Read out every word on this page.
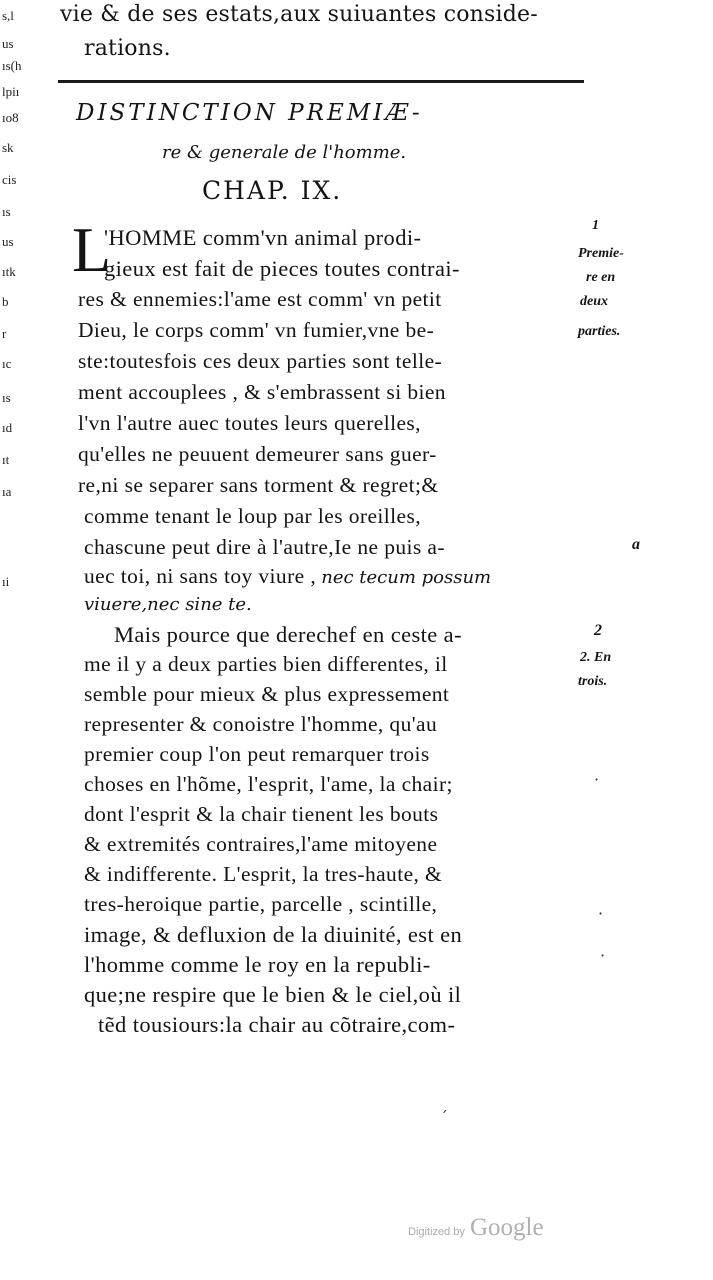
s,l
us
ıs(h
lpiı
ıo8
sk
cis
ıs
us
ıtk
b
r
ıc
ıs
ıd
ıt
ıa
ıi
vie & de ses estats,aux suiuantes conside-
rations.
DISTINCTION PREMIÆ-
re & generale de l'homme.
CHAP. IX.
L
'HOMME comm'vn animal prodi-
gieux est fait de pieces toutes contrai-
res & ennemies:l'ame est comm' vn petit
Dieu, le corps comm' vn fumier,vne be-
ste:toutesfois ces deux parties sont telle-
ment accouplees , & s'embrassent si bien
l'vn l'autre auec toutes leurs querelles,
qu'elles ne peuuent demeurer sans guer-
re,ni se separer sans torment & regret;&
comme tenant le loup par les oreilles,
chascune peut dire à l'autre,Ie ne puis a-
uec toi, ni sans toy viure , nec tecum possum
viuere,nec sine te.
Mais pource que derechef en ceste a-
me il y a deux parties bien differentes, il
semble pour mieux & plus expressement
representer & conoistre l'homme, qu'au
premier coup l'on peut remarquer trois
choses en l'hõme, l'esprit, l'ame, la chair;
dont l'esprit & la chair tienent les bouts
& extremités contraires,l'ame mitoyene
& indifferente. L'esprit, la tres-haute, &
tres-heroique partie, parcelle , scintille,
image, & defluxion de la diuinité, est en
l'homme comme le roy en la republi-
que;ne respire que le bien & le ciel,où il
tẽd tousiours:la chair au cõtraire,com-
1
Premie-
re en
deux
parties.
a
2
2. En
trois.
·
·
·
ˊ
Digitized by Google
